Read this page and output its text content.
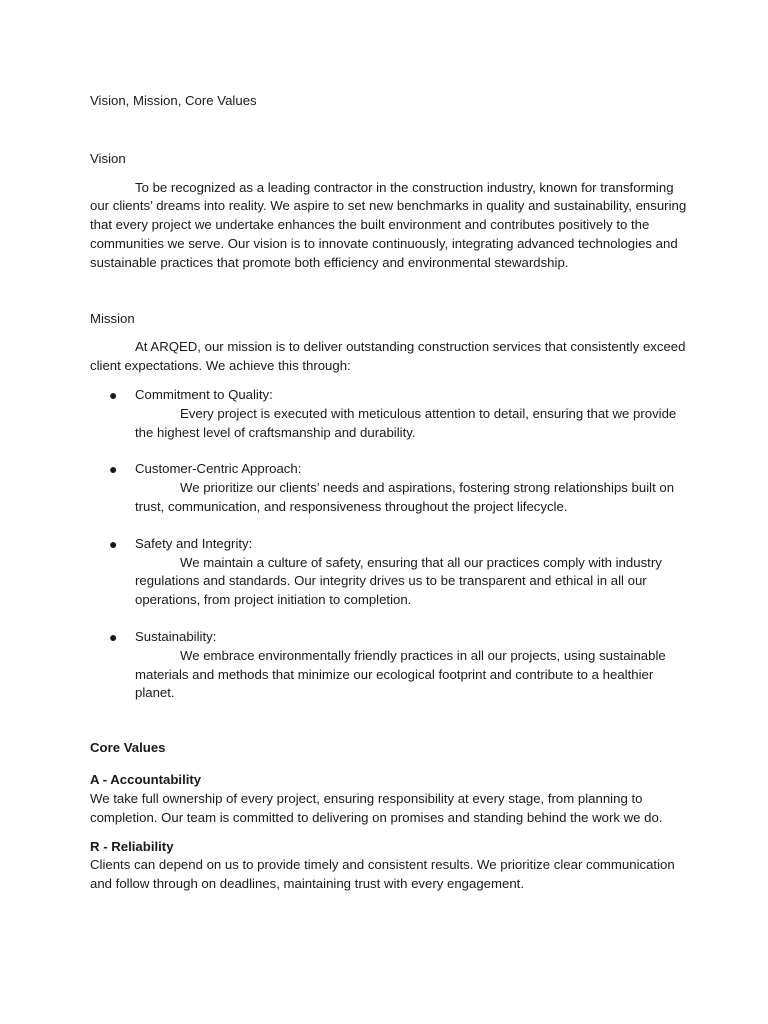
Vision, Mission, Core Values

Vision

To be recognized as a leading contractor in the construction industry, known for transforming our clients’ dreams into reality. We aspire to set new benchmarks in quality and sustainability, ensuring that every project we undertake enhances the built environment and contributes positively to the communities we serve. Our vision is to innovate continuously, integrating advanced technologies and sustainable practices that promote both efficiency and environmental stewardship.

Mission

At ARQED, our mission is to deliver outstanding construction services that consistently exceed client expectations. We achieve this through:

● Commitment to Quality:
Every project is executed with meticulous attention to detail, ensuring that we provide the highest level of craftsmanship and durability.
● Customer-Centric Approach:
We prioritize our clients’ needs and aspirations, fostering strong relationships built on trust, communication, and responsiveness throughout the project lifecycle.
● Safety and Integrity:
We maintain a culture of safety, ensuring that all our practices comply with industry regulations and standards. Our integrity drives us to be transparent and ethical in all our operations, from project initiation to completion.
● Sustainability:
We embrace environmentally friendly practices in all our projects, using sustainable materials and methods that minimize our ecological footprint and contribute to a healthier planet.

Core Values

A - Accountability

We take full ownership of every project, ensuring responsibility at every stage, from planning to completion. Our team is committed to delivering on promises and standing behind the work we do.

R - Reliability

Clients can depend on us to provide timely and consistent results. We prioritize clear communication and follow through on deadlines, maintaining trust with every engagement.
